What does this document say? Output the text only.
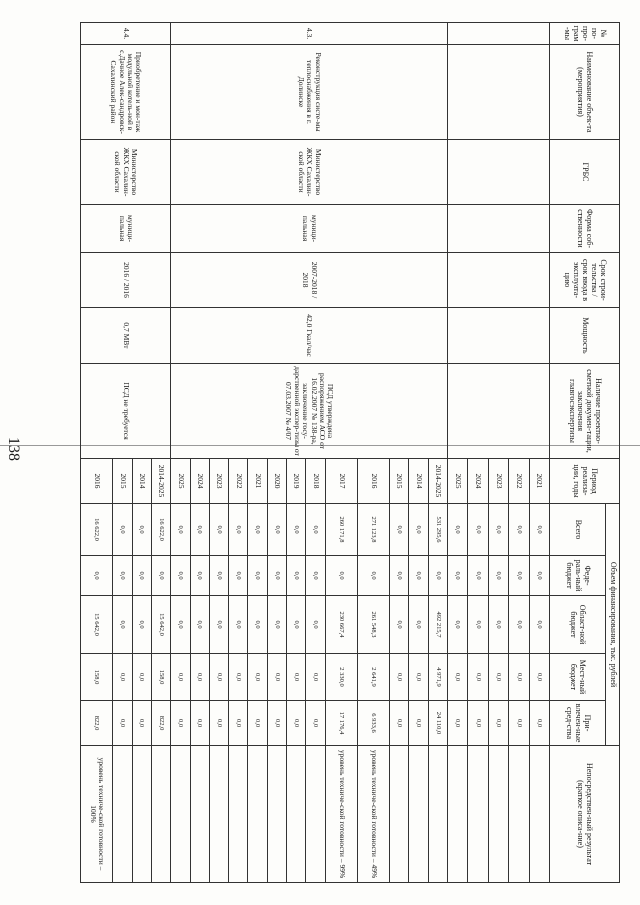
138
№ по-про-грам-мы	Наименование объек-та (мероприятия)	ГРБС	Форма соб-ственности	Срок строи-тельства / срок ввода в эксплуата-цию	Мощность	Наличие проектно-сметной докумен-тации, заключения главгосэкспертизы	Период реализа-ции, годы	Объем финансирования, тыс. рублей					Непосредствен-ный результат (краткое описа-ние)
								Всего	Феде-раль-ный бюджет	Област-ной бюджет	Мест-ный бюджет	При-влечен-ные сред-ства	
							2021	0,0	0,0	0,0	0,0	0,0	
							2022	0,0	0,0	0,0	0,0	0,0	
							2023	0,0	0,0	0,0	0,0	0,0	
							2024	0,0	0,0	0,0	0,0	0,0	
							2025	0,0	0,0	0,0	0,0	0,0	
4.3.	Реконструкция систе-мы теплоснабжения в г. Долинске	Министерство ЖКХ Сахалин-ской области	муници-пальная	2007-2018 / 2018	42,0 Гкал/час	ПСД утверждена распоряжением АСО от 16.02.2007 № 138-ра, заключение госу-дарственной экспер-тизы от 07.03.2007 № 4/07	2014-2025	531 295,6	0,0	492 215,7	4 971,9	24 110,0	
							2014	0,0	0,0	0,0	0,0	0,0	
							2015	0,0	0,0	0,0	0,0	0,0	
							2016	271 123,8	0,0	261 548,3	2 641,9	6 933,6	уровень техниче-ской готовности – 49%
							2017	260 171,8	0,0	230 667,4	2 330,0	17 176,4	уровень техниче-ской готовности – 99%
							2018	0,0	0,0	0,0	0,0	0,0	
							2019	0,0	0,0	0,0	0,0	0,0	
							2020	0,0	0,0	0,0	0,0	0,0	
							2021	0,0	0,0	0,0	0,0	0,0	
							2022	0,0	0,0	0,0	0,0	0,0	
							2023	0,0	0,0	0,0	0,0	0,0	
							2024	0,0	0,0	0,0	0,0	0,0	
							2025	0,0	0,0	0,0	0,0	0,0	
4.4.	Приобретение и мон-таж модульной котель-ной в с.Дачное Алек-сандровск-Сахалинский район	Министерство ЖКХ Сахалин-ской области	муници-пальная	2016 / 2016	0,7 МВт	ПСД не требуется	2014-2025	16 622,0	0,0	15 642,0	158,0	822,0	
							2014	0,0	0,0	0,0	0,0	0,0	
							2015	0,0	0,0	0,0	0,0	0,0	
							2016	16 622,0	0,0	15 642,0	158,0	822,0	уровень техниче-ской готовности – 100%
